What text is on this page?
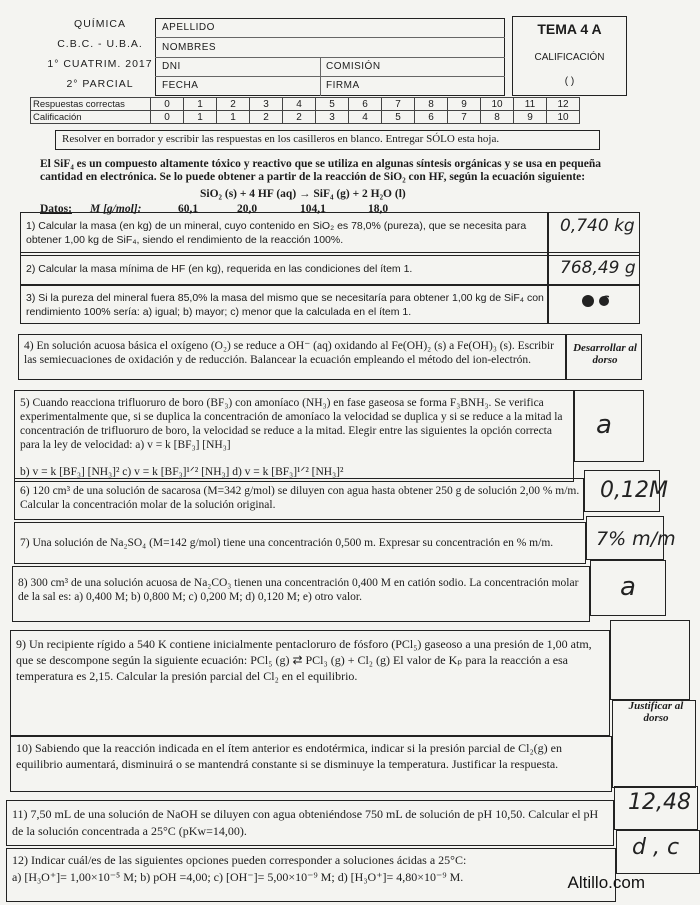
QUÍMICA
C.B.C. - U.B.A.
1° CUATRIM. 2017
2° PARCIAL
APELLIDO
NOMBRES
DNI
FECHA
COMISIÓN
FIRMA
TEMA 4 A
CALIFICACIÓN
( )
Respuestas correctas	0	1	2	3	4	5	6	7	8	9	10	11	12
Calificación	0	1	1	2	2	3	4	5	6	7	8	9	10
Resolver en borrador y escribir las respuestas en los casilleros en blanco. Entregar SÓLO esta hoja.
El SiF₄ es un compuesto altamente tóxico y reactivo que se utiliza en algunas síntesis orgánicas y se usa en pequeña cantidad en electrónica. Se lo puede obtener a partir de la reacción de SiO₂ con HF, según la ecuación siguiente:
SiO₂ (s) + 4 HF (aq) → SiF₄ (g) + 2 H₂O (l)
Datos: M [g/mol]:	60,1	20,0	104,1	18,0
1) Calcular la masa (en kg) de un mineral, cuyo contenido en SiO₂ es 78,0% (pureza), que se necesita para obtener 1,00 kg de SiF₄, siendo el rendimiento de la reacción 100%.
0,740 kg
2) Calcular la masa mínima de HF (en kg), requerida en las condiciones del ítem 1.	768,49 g
3) Si la pureza del mineral fuera 85,0% la masa del mismo que se necesitaría para obtener 1,00 kg de SiF₄ con rendimiento 100% sería: a) igual; b) mayor; c) menor que la calculada en el ítem 1.
4) En solución acuosa básica el oxígeno (O₂) se reduce a OH⁻ (aq) oxidando al Fe(OH)₂ (s) a Fe(OH)₃ (s). Escribir las semiecuaciones de oxidación y de reducción. Balancear la ecuación empleando el método del ion-electrón.
Desarrollar al dorso
5) Cuando reacciona trifluoruro de boro (BF₃) con amoníaco (NH₃) en fase gaseosa se forma F₃BNH₃. Se verifica experimentalmente que, si se duplica la concentración de amoníaco la velocidad se duplica y si se reduce a la mitad la concentración de trifluoruro de boro, la velocidad se reduce a la mitad. Elegir entre las siguientes la opción correcta para la ley de velocidad: a) v = k [BF₃] [NH₃]
b) v = k [BF₃] [NH₃]² c) v = k [BF₃]¹ᐟ² [NH₃] d) v = k [BF₃]¹ᐟ² [NH₃]²
a
6) 120 cm³ de una solución de sacarosa (M=342 g/mol) se diluyen con agua hasta obtener 250 g de solución 2,00 % m/m. Calcular la concentración molar de la solución original.
0,12M
7) Una solución de Na₂SO₄ (M=142 g/mol) tiene una concentración 0,500 m. Expresar su concentración en % m/m.	7% m/m
8) 300 cm³ de una solución acuosa de Na₂CO₃ tienen una concentración 0,400 M en catión sodio. La concentración molar de la sal es: a) 0,400 M; b) 0,800 M; c) 0,200 M; d) 0,120 M; e) otro valor.	a
9) Un recipiente rígido a 540 K contiene inicialmente pentacloruro de fósforo (PCl₅) gaseoso a una presión de 1,00 atm, que se descompone según la siguiente ecuación: PCl₅ (g) ⇄ PCl₃ (g) + Cl₂ (g) El valor de Kₚ para la reacción a esa temperatura es 2,15. Calcular la presión parcial del Cl₂ en el equilibrio.
10) Sabiendo que la reacción indicada en el ítem anterior es endotérmica, indicar si la presión parcial de Cl₂(g) en equilibrio aumentará, disminuirá o se mantendrá constante si se disminuye la temperatura. Justificar la respuesta.
Justificar al dorso
11) 7,50 mL de una solución de NaOH se diluyen con agua obteniéndose 750 mL de solución de pH 10,50. Calcular el pH de la solución concentrada a 25°C (pKw=14,00).
12,48
12) Indicar cuál/es de las siguientes opciones pueden corresponder a soluciones ácidas a 25°C:
a) [H₃O⁺]= 1,00×10⁻⁵ M; b) pOH =4,00; c) [OH⁻]= 5,00×10⁻⁹ M; d) [H₃O⁺]= 4,80×10⁻⁹ M.
d , c
Altillo.com
